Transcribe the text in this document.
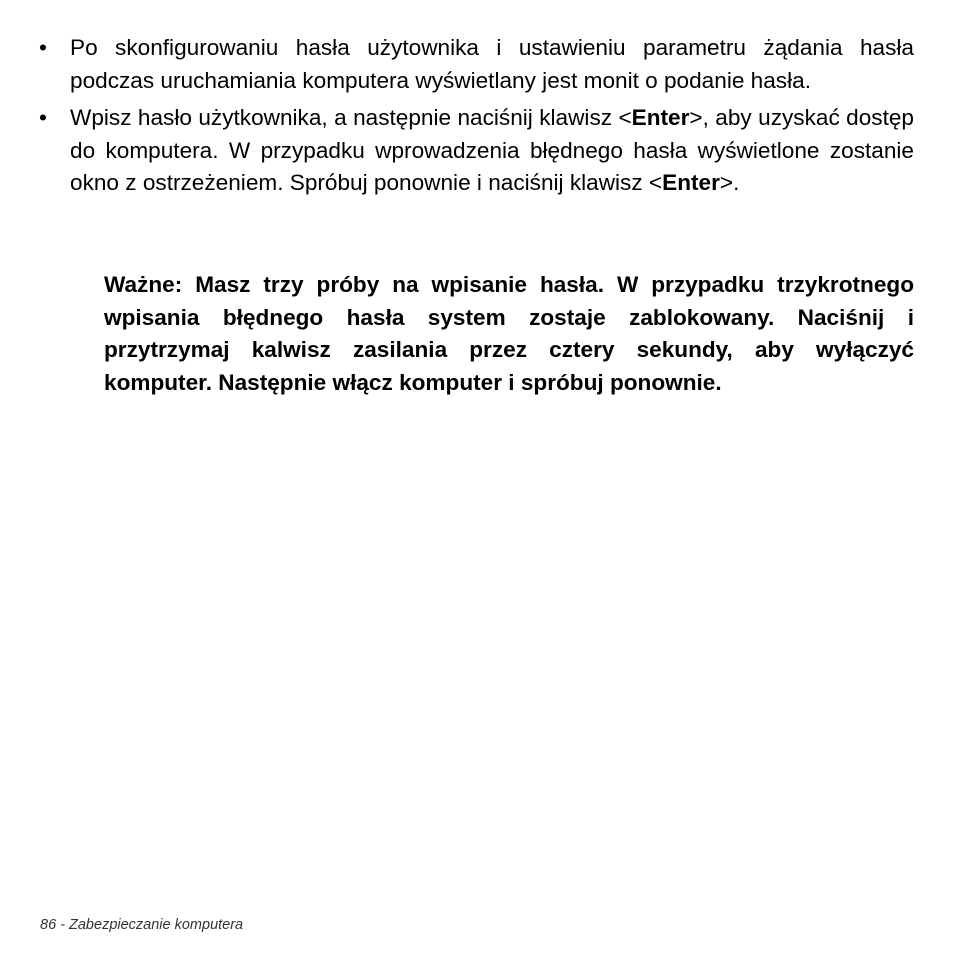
• Po skonfigurowaniu hasła użytownika i ustawieniu parametru żądania hasła podczas uruchamiania komputera wyświetlany jest monit o podanie hasła.
• Wpisz hasło użytkownika, a następnie naciśnij klawisz <Enter>, aby uzyskać dostęp do komputera. W przypadku wprowadzenia błędnego hasła wyświetlone zostanie okno z ostrzeżeniem. Spróbuj ponownie i naciśnij klawisz <Enter>.

Ważne: Masz trzy próby na wpisanie hasła. W przypadku trzykrotnego wpisania błędnego hasła system zostaje zablokowany. Naciśnij i przytrzymaj kalwisz zasilania przez cztery sekundy, aby wyłączyć komputer. Następnie włącz komputer i spróbuj ponownie.

86 - Zabezpieczanie komputera
